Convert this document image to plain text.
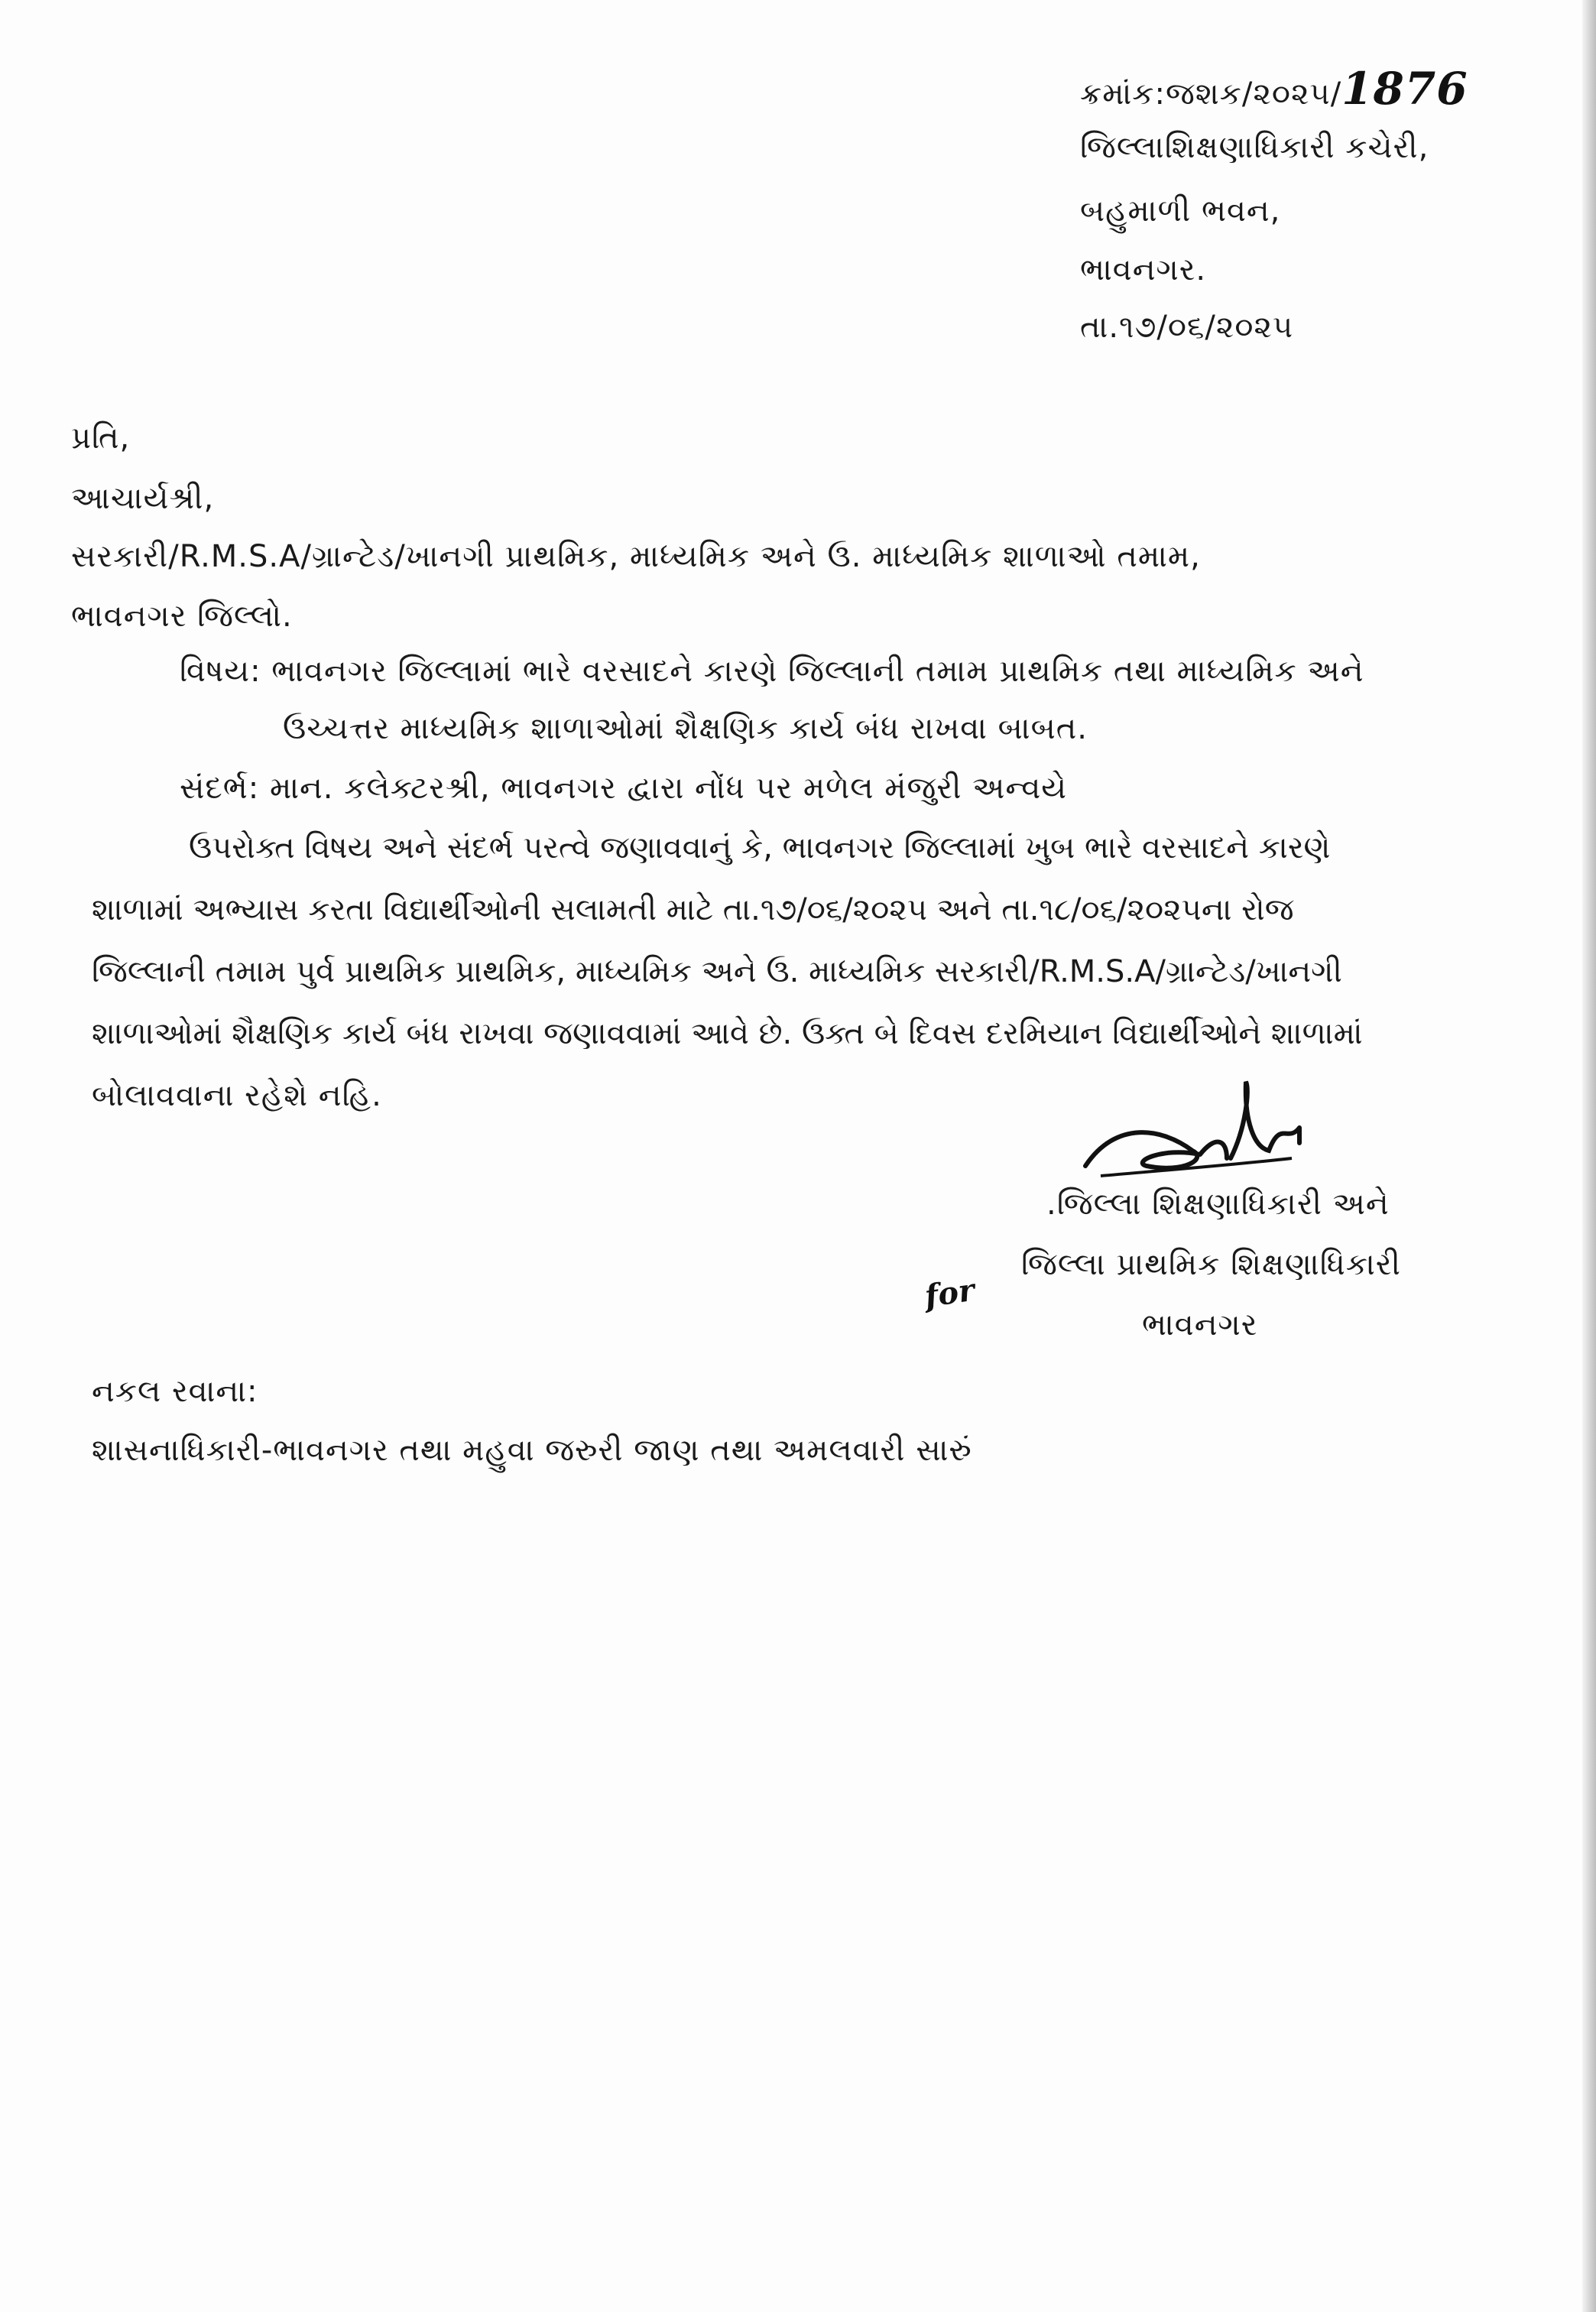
ક્રમાંક:જશક/૨૦૨૫/1876
જિલ્લાશિક્ષણાધિકારી કચેરી,
બહુમાળી ભવન,
ભાવનગર.
તા.૧૭/૦૬/૨૦૨૫
પ્રતિ,
આચાર્યશ્રી,
સરકારી/R.M.S.A/ગ્રાન્ટેડ/ખાનગી પ્રાથમિક, માધ્યમિક અને ઉ. માધ્યમિક શાળાઓ તમામ,
ભાવનગર જિલ્લો.
વિષય: ભાવનગર જિલ્લામાં ભારે વરસાદને કારણે જિલ્લાની તમામ પ્રાથમિક તથા માધ્યમિક અને
ઉચ્ચત્તર માધ્યમિક શાળાઓમાં શૈક્ષણિક કાર્ય બંધ રાખવા બાબત.
સંદર્ભ: માન. કલેક્ટરશ્રી, ભાવનગર દ્વારા નોંધ પર મળેલ મંજુરી અન્વયે
ઉપરોક્ત વિષય અને સંદર્ભ પરત્વે જણાવવાનું કે, ભાવનગર જિલ્લામાં ખુબ ભારે વરસાદને કારણે
શાળામાં અભ્યાસ કરતા વિદ્યાર્થીઓની સલામતી માટે તા.૧૭/૦૬/૨૦૨૫ અને તા.૧૮/૦૬/૨૦૨૫ના રોજ
જિલ્લાની તમામ પુર્વ પ્રાથમિક પ્રાથમિક, માધ્યમિક અને ઉ. માધ્યમિક સરકારી/R.M.S.A/ગ્રાન્ટેડ/ખાનગી
શાળાઓમાં શૈક્ષણિક કાર્ય બંધ રાખવા જણાવવામાં આવે છે. ઉક્ત બે દિવસ દરમિયાન વિદ્યાર્થીઓને શાળામાં
બોલાવવાના રહેશે નહિ.
.જિલ્લા શિક્ષણાધિકારી અને
for
જિલ્લા પ્રાથમિક શિક્ષણાધિકારી
ભાવનગર
નકલ રવાના:
શાસનાધિકારી-ભાવનગર તથા મહુવા જરુરી જાણ તથા અમલવારી સારું
